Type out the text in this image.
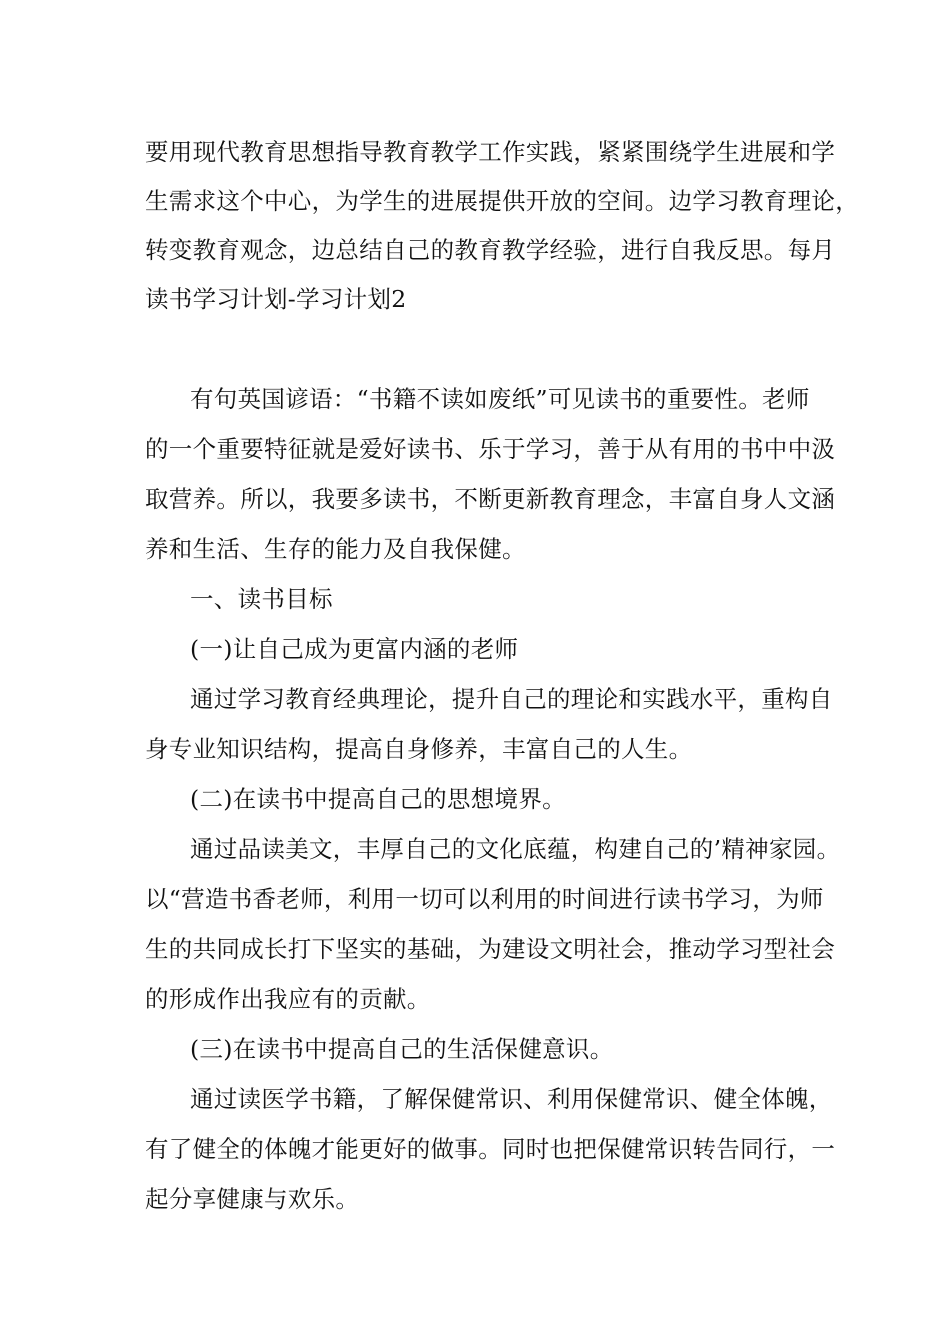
要用现代教育思想指导教育教学工作实践，紧紧围绕学生进展和学
生需求这个中心，为学生的进展提供开放的空间。边学习教育理论，
转变教育观念，边总结自己的教育教学经验，进行自我反思。每月
读书学习计划-学习计划2
有句英国谚语：“书籍不读如废纸”可见读书的重要性。老师
的一个重要特征就是爱好读书、乐于学习，善于从有用的书中中汲
取营养。所以，我要多读书，不断更新教育理念，丰富自身人文涵
养和生活、生存的能力及自我保健。
一、读书目标
(一)让自己成为更富内涵的老师
通过学习教育经典理论，提升自己的理论和实践水平，重构自
身专业知识结构，提高自身修养，丰富自己的人生。
(二)在读书中提高自己的思想境界。
通过品读美文，丰厚自己的文化底蕴，构建自己的’精神家园。
以“营造书香老师，利用一切可以利用的时间进行读书学习，为师
生的共同成长打下坚实的基础，为建设文明社会，推动学习型社会
的形成作出我应有的贡献。
(三)在读书中提高自己的生活保健意识。
通过读医学书籍，了解保健常识、利用保健常识、健全体魄，
有了健全的体魄才能更好的做事。同时也把保健常识转告同行，一
起分享健康与欢乐。
